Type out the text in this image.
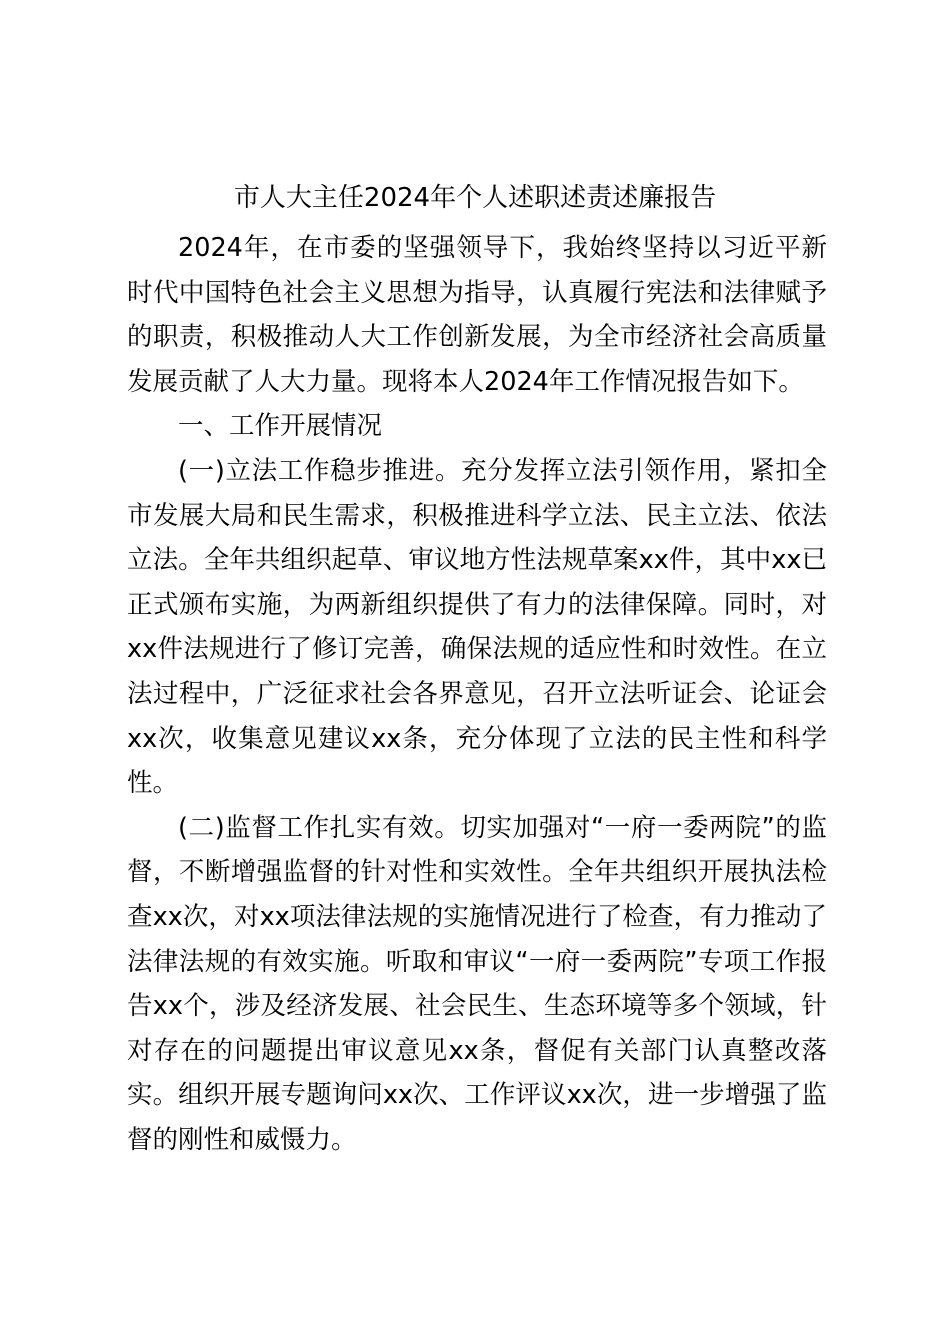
市人大主任2024年个人述职述责述廉报告

2024年，在市委的坚强领导下，我始终坚持以习近平新时代中国特色社会主义思想为指导，认真履行宪法和法律赋予的职责，积极推动人大工作创新发展，为全市经济社会高质量发展贡献了人大力量。现将本人2024年工作情况报告如下。

一、工作开展情况

(一)立法工作稳步推进。充分发挥立法引领作用，紧扣全市发展大局和民生需求，积极推进科学立法、民主立法、依法立法。全年共组织起草、审议地方性法规草案xx件，其中xx已正式颁布实施，为两新组织提供了有力的法律保障。同时，对xx件法规进行了修订完善，确保法规的适应性和时效性。在立法过程中，广泛征求社会各界意见，召开立法听证会、论证会xx次，收集意见建议xx条，充分体现了立法的民主性和科学性。

(二)监督工作扎实有效。切实加强对“一府一委两院”的监督，不断增强监督的针对性和实效性。全年共组织开展执法检查xx次，对xx项法律法规的实施情况进行了检查，有力推动了法律法规的有效实施。听取和审议“一府一委两院”专项工作报告xx个，涉及经济发展、社会民生、生态环境等多个领域，针对存在的问题提出审议意见xx条，督促有关部门认真整改落实。组织开展专题询问xx次、工作评议xx次，进一步增强了监督的刚性和威慑力。
